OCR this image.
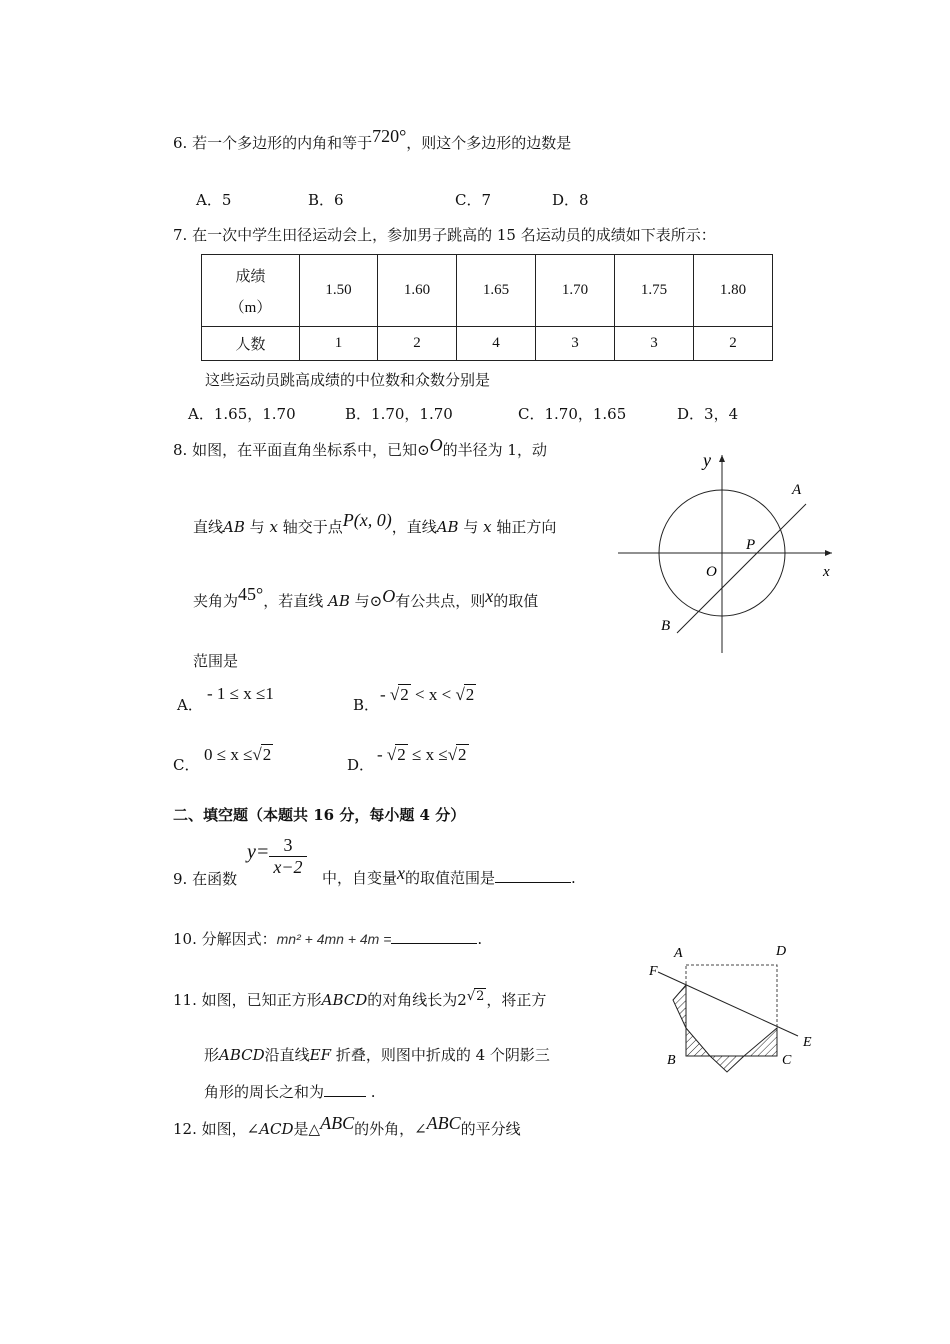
6. 若一个多边形的内角和等于720°，则这个多边形的边数是
A．5	B．6	C．7	D．8
7. 在一次中学生田径运动会上，参加男子跳高的 15 名运动员的成绩如下表所示：
成绩
（m）	1.50	1.60	1.65	1.70	1.75	1.80
人数	1	2	4	3	3	2
这些运动员跳高成绩的中位数和众数分别是
A．1.65，1.70	B．1.70，1.70	C．1.70，1.65	D．3，4
8. 如图，在平面直角坐标系中，已知⊙O的半径为 1，动
直线AB 与 x 轴交于点P(x, 0)，直线AB 与 x 轴正方向
夹角为45°，若直线 AB 与⊙O有公共点，则x的取值
范围是
A．
- 1 ≤ x ≤1
B．
- √2 < x < √2
C．
0 ≤ x ≤√2
D．
- √2 ≤ x ≤√2
y
x
A
B
P
O
二、填空题（本题共 16 分，每小题 4 分）
9. 在函数
$y= \frac{3}{x-2}$ 中，自变量x的取值范围是	.
10. 分解因式：mn² + 4mn + 4m =	.
11. 如图，已知正方形ABCD的对角线长为2√2 ，将正方
形ABCD沿直线EF 折叠，则图中折成的 4 个阴影三
角形的周长之和为	.
A	D
F
E
B	C
12. 如图，∠ACD是△ABC的外角，∠ABC的平分线
